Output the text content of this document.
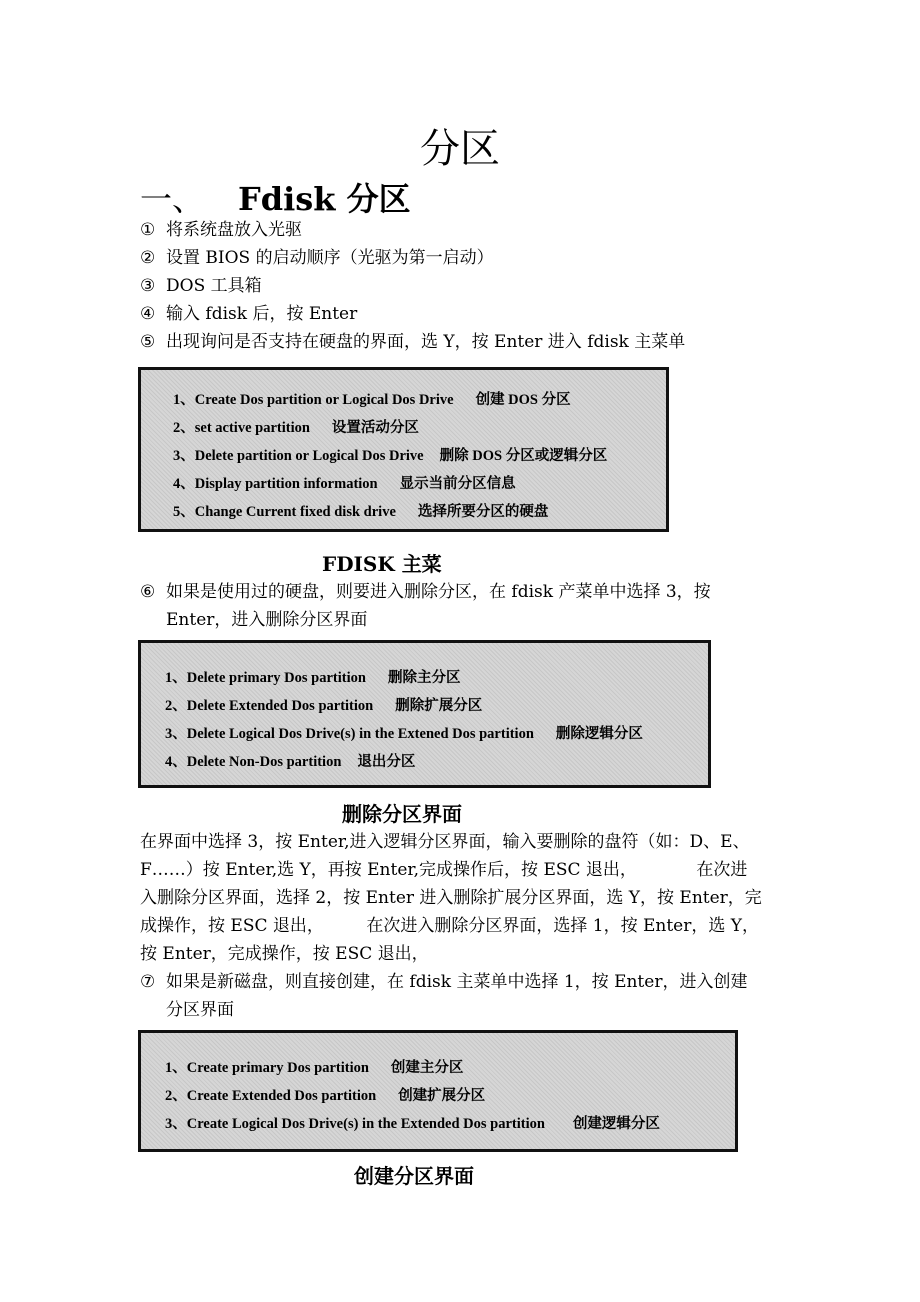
分区
一、 Fdisk 分区
① 将系统盘放入光驱
② 设置 BIOS 的启动顺序（光驱为第一启动）
③ DOS 工具箱
④ 输入 fdisk 后，按 Enter
⑤ 出现询问是否支持在硬盘的界面，选 Y，按 Enter 进入 fdisk 主菜单
1、Create Dos partition or Logical Dos Drive 创建 DOS 分区
2、set active partition 设置活动分区
3、Delete partition or Logical Dos Drive 删除 DOS 分区或逻辑分区
4、Display partition information 显示当前分区信息
5、Change Current fixed disk drive 选择所要分区的硬盘
FDISK 主菜
⑥ 如果是使用过的硬盘，则要进入删除分区，在 fdisk 产菜单中选择 3，按
Enter，进入删除分区界面
1、Delete primary Dos partition 删除主分区
2、Delete Extended Dos partition 删除扩展分区
3、Delete Logical Dos Drive(s) in the Extened Dos partition 删除逻辑分区
4、Delete Non-Dos partition 退出分区
删除分区界面
在界面中选择 3，按 Enter,进入逻辑分区界面，输入要删除的盘符（如：D、E、
F……）按 Enter,选 Y，再按 Enter,完成操作后，按 ESC 退出，　　　　在次进
入删除分区界面，选择 2，按 Enter 进入删除扩展分区界面，选 Y，按 Enter，完
成操作，按 ESC 退出，　　　在次进入删除分区界面，选择 1，按 Enter，选 Y，
按 Enter，完成操作，按 ESC 退出，
⑦ 如果是新磁盘，则直接创建，在 fdisk 主菜单中选择 1，按 Enter，进入创建
分区界面
1、Create primary Dos partition 创建主分区
2、Create Extended Dos partition 创建扩展分区
3、Create Logical Dos Drive(s) in the Extended Dos partition 创建逻辑分区
创建分区界面
